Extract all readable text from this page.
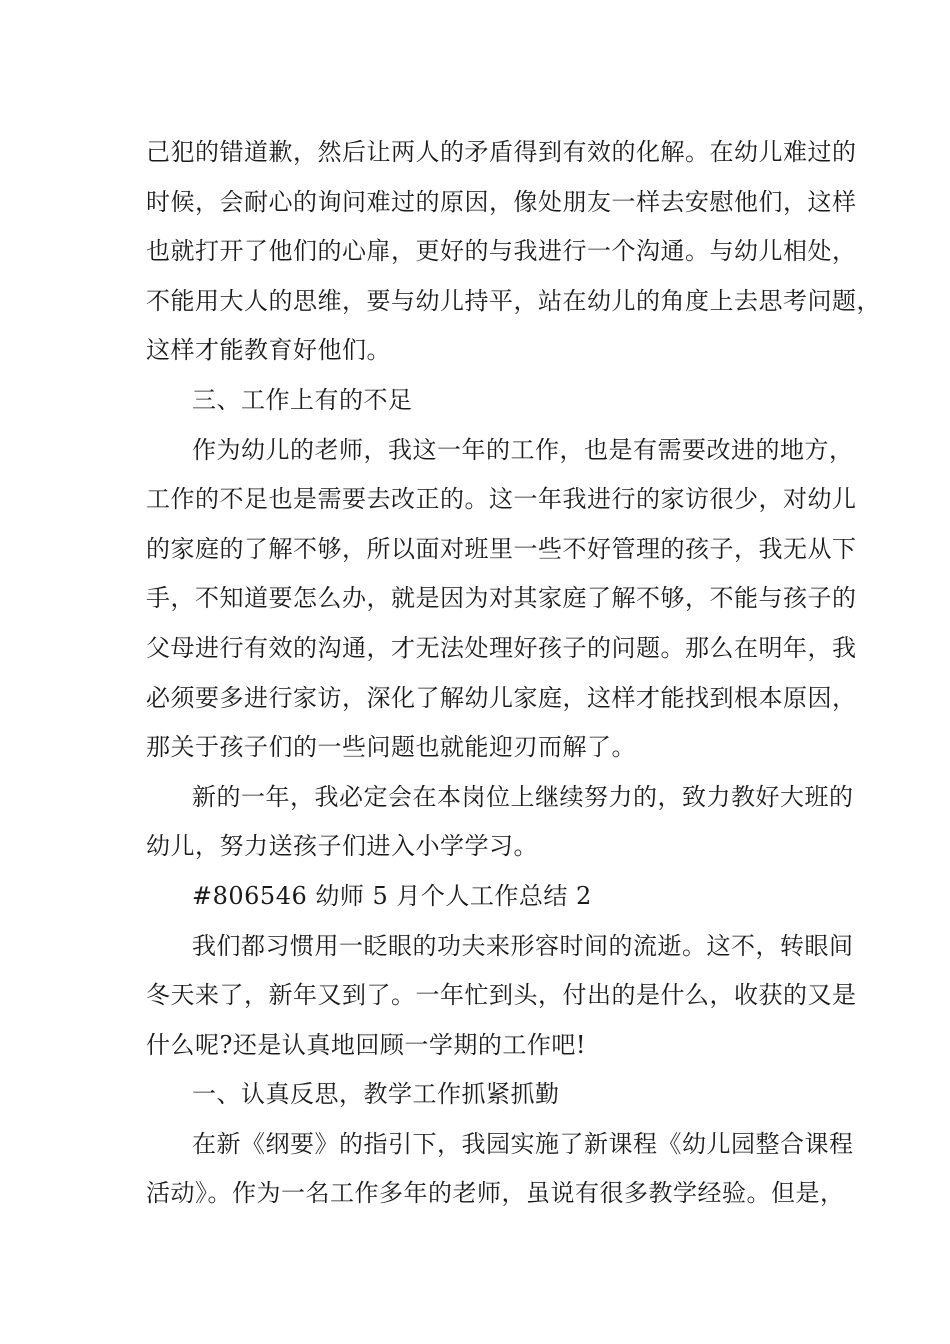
己犯的错道歉，然后让两人的矛盾得到有效的化解。在幼儿难过的
时候，会耐心的询问难过的原因，像处朋友一样去安慰他们，这样
也就打开了他们的心扉，更好的与我进行一个沟通。与幼儿相处，
不能用大人的思维，要与幼儿持平，站在幼儿的角度上去思考问题，
这样才能教育好他们。
三、工作上有的不足
作为幼儿的老师，我这一年的工作，也是有需要改进的地方，
工作的不足也是需要去改正的。这一年我进行的家访很少，对幼儿
的家庭的了解不够，所以面对班里一些不好管理的孩子，我无从下
手，不知道要怎么办，就是因为对其家庭了解不够，不能与孩子的
父母进行有效的沟通，才无法处理好孩子的问题。那么在明年，我
必须要多进行家访，深化了解幼儿家庭，这样才能找到根本原因，
那关于孩子们的一些问题也就能迎刃而解了。
新的一年，我必定会在本岗位上继续努力的，致力教好大班的
幼儿，努力送孩子们进入小学学习。
#806546 幼师 5 月个人工作总结 2
我们都习惯用一眨眼的功夫来形容时间的流逝。这不，转眼间
冬天来了，新年又到了。一年忙到头，付出的是什么，收获的又是
什么呢?还是认真地回顾一学期的工作吧!
一、认真反思，教学工作抓紧抓勤
在新《纲要》的指引下，我园实施了新课程《幼儿园整合课程
活动》。作为一名工作多年的老师，虽说有很多教学经验。但是，
